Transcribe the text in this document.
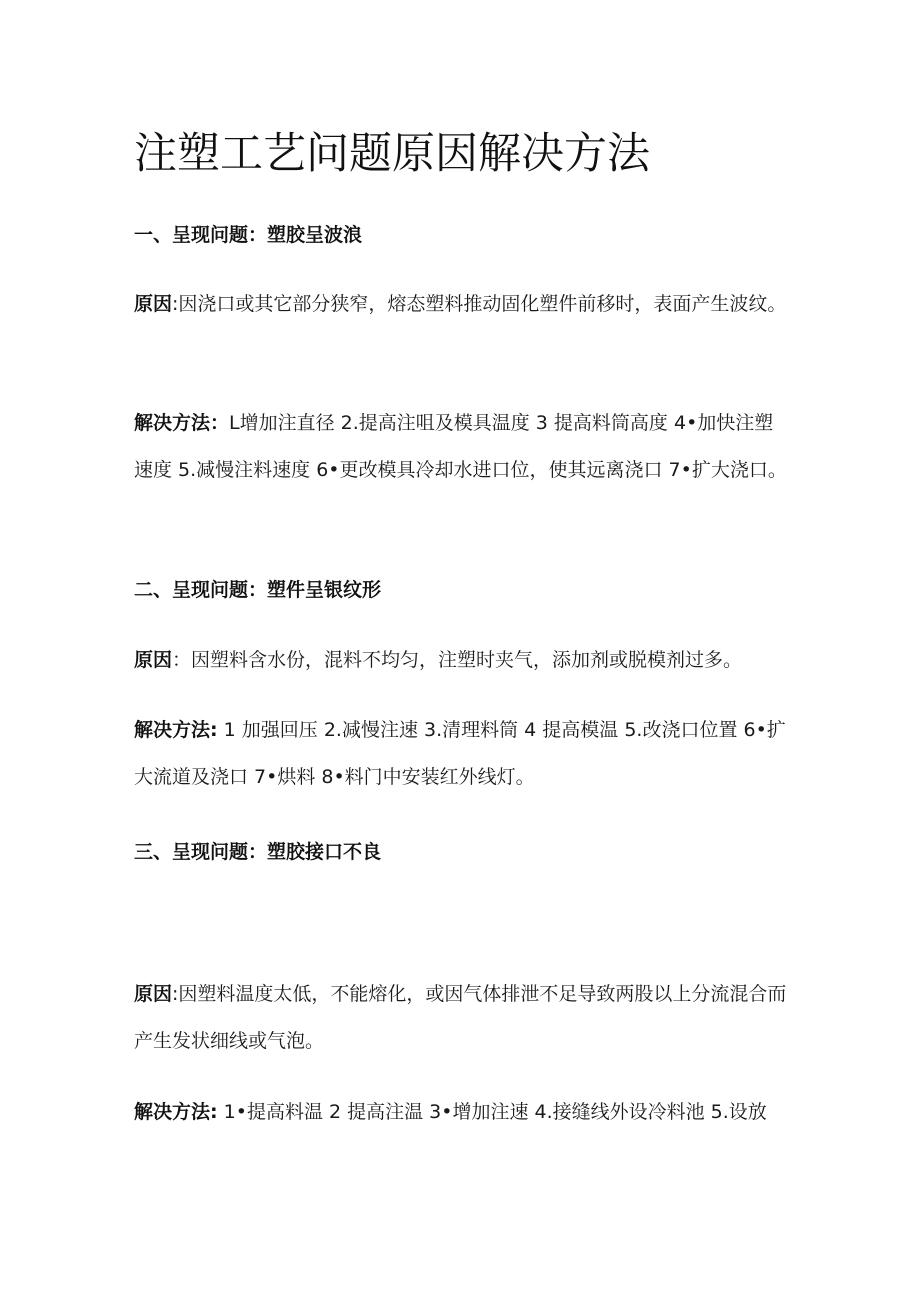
注塑工艺问题原因解决方法
一、呈现问题：塑胶呈波浪

原因:因浇口或其它部分狭窄，熔态塑料推动固化塑件前移时，表面产生波纹。

解决方法：L增加注直径 2.提高注咀及模具温度 3 提高料筒高度 4•加快注塑速度 5.减慢注料速度 6•更改模具冷却水进口位，使其远离浇口 7•扩大浇口。

二、呈现问题：塑件呈银纹形

原因：因塑料含水份，混料不均匀，注塑时夹气，添加剂或脱模剂过多。

解决方法: 1 加强回压 2.减慢注速 3.清理料筒 4 提高模温 5.改浇口位置 6•扩大流道及浇口 7•烘料 8•料门中安装红外线灯。

三、呈现问题：塑胶接口不良

原因:因塑料温度太低，不能熔化，或因气体排泄不足导致两股以上分流混合而产生发状细线或气泡。

解决方法: 1•提高料温 2 提高注温 3•增加注速 4.接缝线外设冷料池 5.设放
